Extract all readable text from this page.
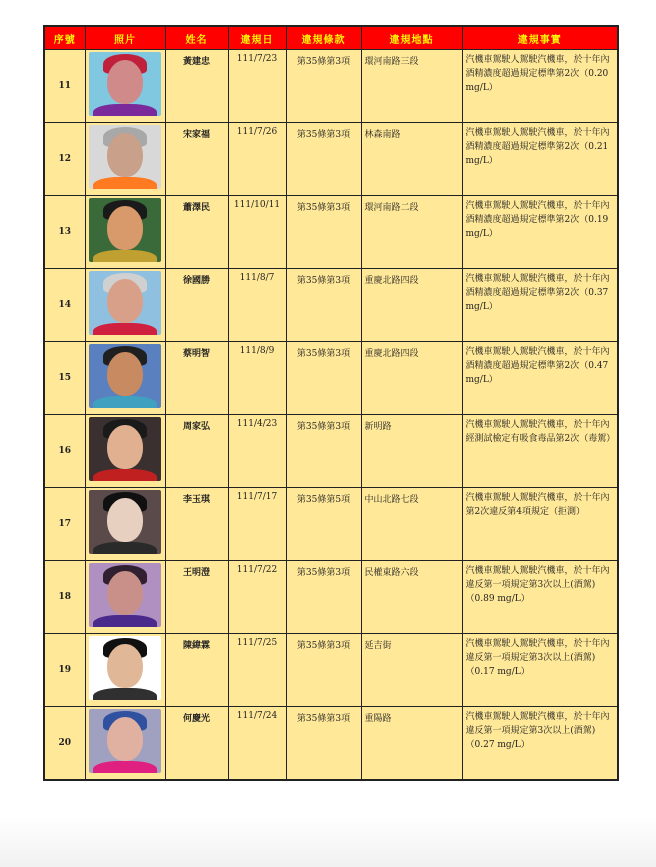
序號	照片	姓名	違規日	違規條款	違規地點	違規事實
11		黃建忠	111/7/23	第35條第3項	環河南路三段	汽機車駕駛人駕駛汽機車，於十年內酒精濃度超過規定標準第2次（0.20 mg/L）
12		宋家福	111/7/26	第35條第3項	林森南路	汽機車駕駛人駕駛汽機車，於十年內酒精濃度超過規定標準第2次（0.21 mg/L）
13		蕭澤民	111/10/11	第35條第3項	環河南路二段	汽機車駕駛人駕駛汽機車，於十年內酒精濃度超過規定標準第2次（0.19 mg/L）
14		徐國勝	111/8/7	第35條第3項	重慶北路四段	汽機車駕駛人駕駛汽機車，於十年內酒精濃度超過規定標準第2次（0.37 mg/L）
15		蔡明智	111/8/9	第35條第3項	重慶北路四段	汽機車駕駛人駕駛汽機車，於十年內酒精濃度超過規定標準第2次（0.47 mg/L）
16		周家弘	111/4/23	第35條第3項	新明路	汽機車駕駛人駕駛汽機車，於十年內經測試檢定有吸食毒品第2次（毒駕）
17		李玉琪	111/7/17	第35條第5項	中山北路七段	汽機車駕駛人駕駛汽機車，於十年內第2次違反第4項規定（拒測）
18		王明澄	111/7/22	第35條第3項	民權東路六段	汽機車駕駛人駕駛汽機車，於十年內違反第一項規定第3次以上(酒駕)（0.89 mg/L）
19		陳緯霖	111/7/25	第35條第3項	延吉街	汽機車駕駛人駕駛汽機車，於十年內違反第一項規定第3次以上(酒駕)（0.17 mg/L）
20		何慶光	111/7/24	第35條第3項	重陽路	汽機車駕駛人駕駛汽機車，於十年內違反第一項規定第3次以上(酒駕)（0.27 mg/L）
